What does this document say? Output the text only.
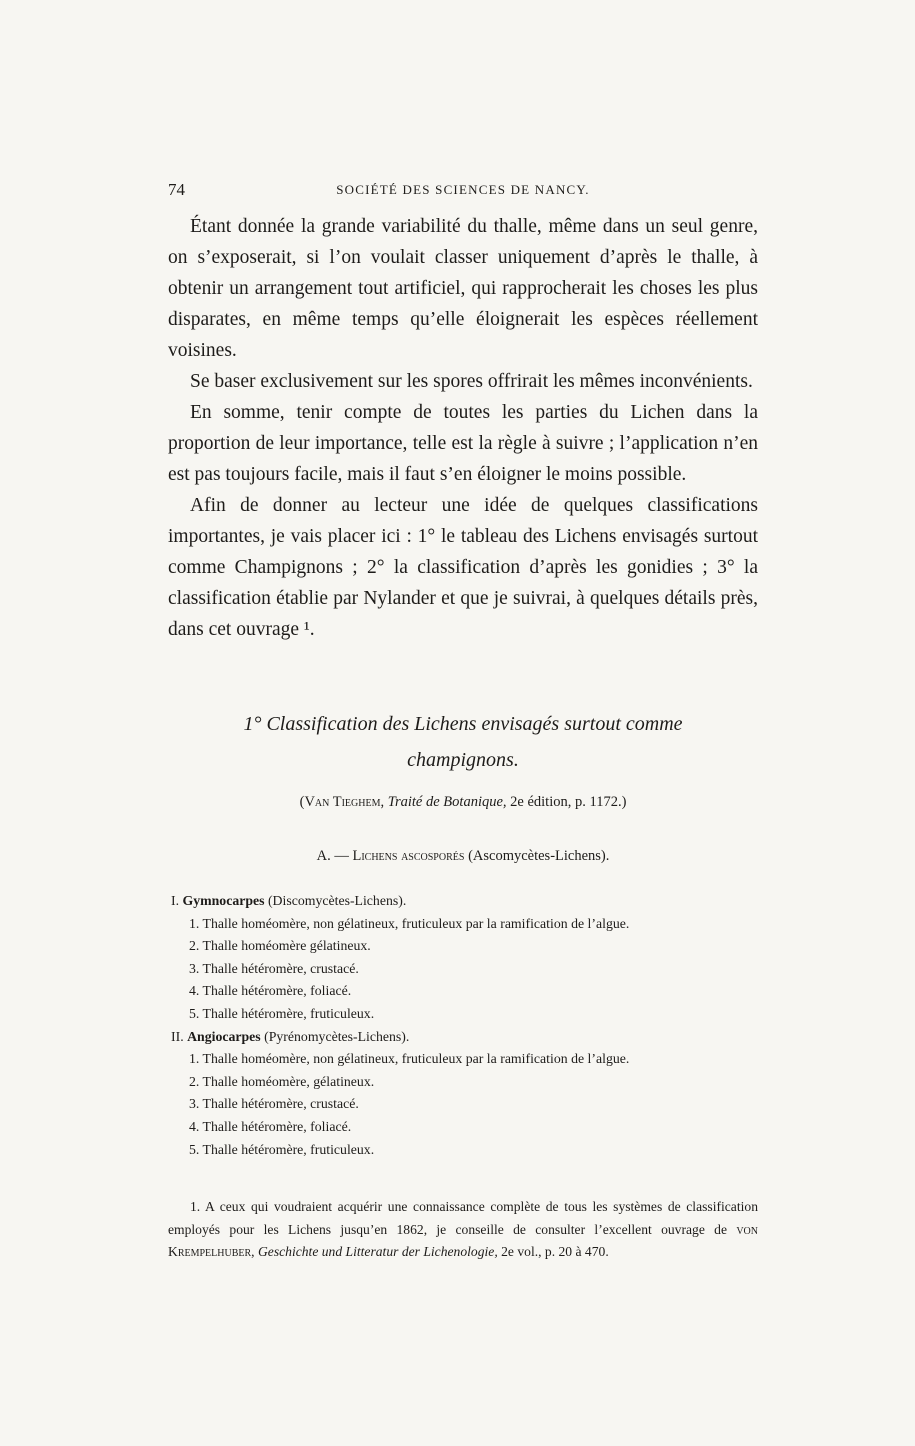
74	SOCIÉTÉ DES SCIENCES DE NANCY.

Étant donnée la grande variabilité du thalle, même dans un seul genre, on s’exposerait, si l’on voulait classer uniquement d’après le thalle, à obtenir un arrangement tout artificiel, qui rapprocherait les choses les plus disparates, en même temps qu’elle éloignerait les espèces réellement voisines.

Se baser exclusivement sur les spores offrirait les mêmes inconvénients.

En somme, tenir compte de toutes les parties du Lichen dans la proportion de leur importance, telle est la règle à suivre ; l’application n’en est pas toujours facile, mais il faut s’en éloigner le moins possible.

Afin de donner au lecteur une idée de quelques classifications importantes, je vais placer ici : 1° le tableau des Lichens envisagés surtout comme Champignons ; 2° la classification d’après les gonidies ; 3° la classification établie par Nylander et que je suivrai, à quelques détails près, dans cet ouvrage ¹.

1° Classification des Lichens envisagés surtout comme
champignons.
(Van Tieghem, Traité de Botanique, 2e édition, p. 1172.)
A. — Lichens ascosporés (Ascomycètes-Lichens).
I. Gymnocarpes (Discomycètes-Lichens).
1. Thalle homéomère, non gélatineux, fruticuleux par la ramification de l’algue.
2. Thalle homéomère gélatineux.
3. Thalle hétéromère, crustacé.
4. Thalle hétéromère, foliacé.
5. Thalle hétéromère, fruticuleux.
II. Angiocarpes (Pyrénomycètes-Lichens).
1. Thalle homéomère, non gélatineux, fruticuleux par la ramification de l’algue.
2. Thalle homéomère, gélatineux.
3. Thalle hétéromère, crustacé.
4. Thalle hétéromère, foliacé.
5. Thalle hétéromère, fruticuleux.

1. A ceux qui voudraient acquérir une connaissance complète de tous les systèmes de classification employés pour les Lichens jusqu’en 1862, je conseille de consulter l’excellent ouvrage de von Krempelhuber, Geschichte und Litteratur der Lichenologie, 2e vol., p. 20 à 470.
